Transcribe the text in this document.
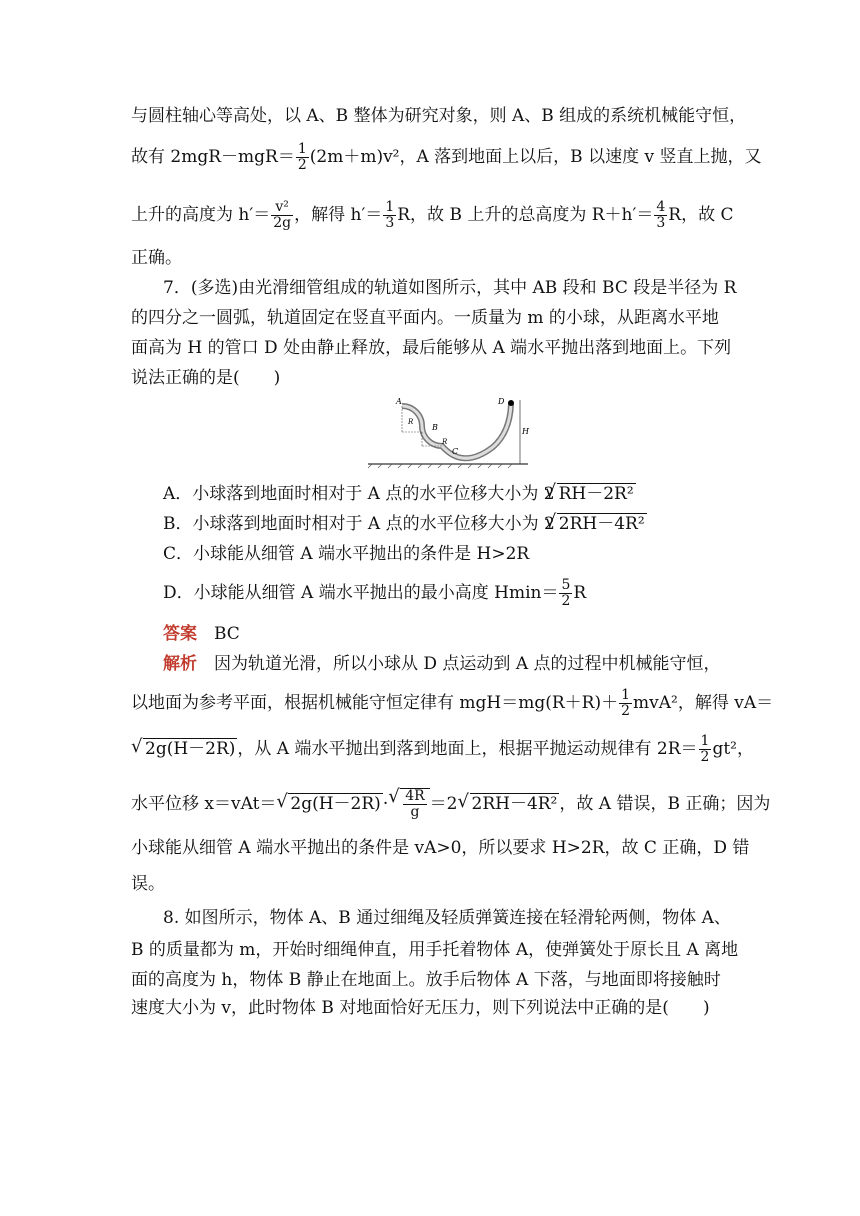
与圆柱轴心等高处，以 A、B 整体为研究对象，则 A、B 组成的系统机械能守恒，
故有 $2mgR-mgR= \frac{1}{2} (2m+m)v^2$，A 落到地面上以后，B 以速度 v 竖直上抛，又
上升的高度为 $h'= \frac{\text{v²}}{2g}$ ，解得 $h'= \frac{1}{3}$ R，故 B 上升的总高度为 $R+h'= \frac{4}{3}$ R，故 C
正确。
7．(多选)由光滑细管组成的轨道如图所示，其中 AB 段和 BC 段是半径为 R
的四分之一圆弧，轨道固定在竖直平面内。一质量为 m 的小球，从距离水平地
面高为 H 的管口 D 处由静止释放，最后能够从 A 端水平抛出落到地面上。下列
说法正确的是(　　)
A
B
C
D
R
R
H
A．小球落到地面时相对于 A 点的水平位移大小为 2√ RH－2R²
B．小球落到地面时相对于 A 点的水平位移大小为 2√ 2RH－4R²
C．小球能从细管 A 端水平抛出的条件是 H>2R
D．小球能从细管 A 端水平抛出的最小高度 $Hmin= \frac{5}{2}$ R
答案　 BC
解析　 因为轨道光滑，所以小球从 D 点运动到 A 点的过程中机械能守恒，
以地面为参考平面，根据机械能守恒定律有 $mgH=mg(R+R)+ \frac{1}{2} mvA^2$，解得 vA＝
√ 2g(H－2R) ，从 A 端水平抛出到落到地面上，根据平抛运动规律有 $2R= \frac{1}{2} gt^2$，
水平位移 x＝vAt＝√ 2g(H－2R) ·
√ $\frac{4R}{g} =2√$ 2RH－4R² ，故 A 错误，B 正确；因为
小球能从细管 A 端水平抛出的条件是 vA>0，所以要求 H>2R，故 C 正确，D 错
误。
8. 如图所示，物体 A、B 通过细绳及轻质弹簧连接在轻滑轮两侧，物体 A、
B 的质量都为 m，开始时细绳伸直，用手托着物体 A，使弹簧处于原长且 A 离地
面的高度为 h，物体 B 静止在地面上。放手后物体 A 下落，与地面即将接触时
速度大小为 v，此时物体 B 对地面恰好无压力，则下列说法中正确的是(　　)
